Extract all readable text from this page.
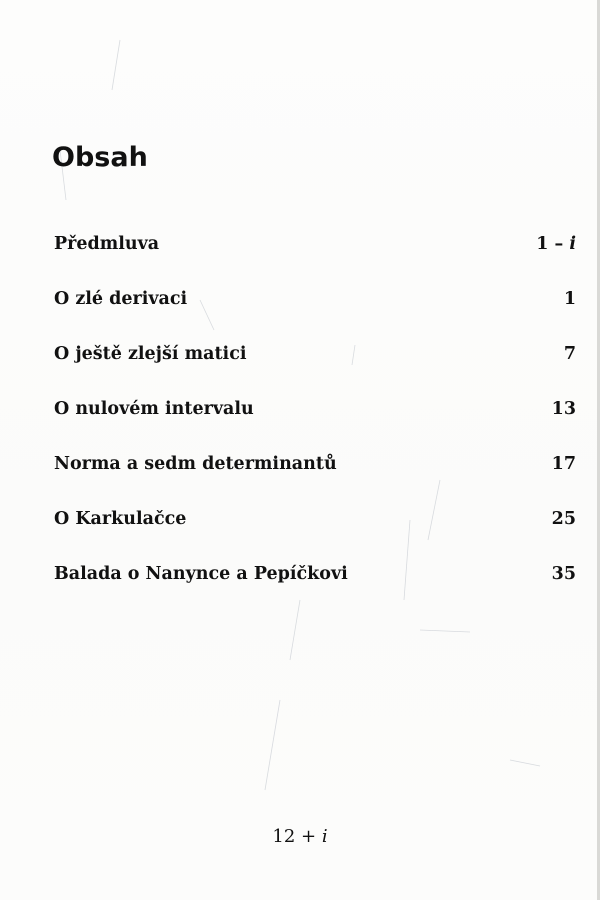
Obsah
Předmluva	1 – i
O zlé derivaci	1
O ještě zlejší matici	7
O nulovém intervalu	13
Norma a sedm determinantů	17
O Karkulačce	25
Balada o Nanynce a Pepíčkovi	35
12 + i
